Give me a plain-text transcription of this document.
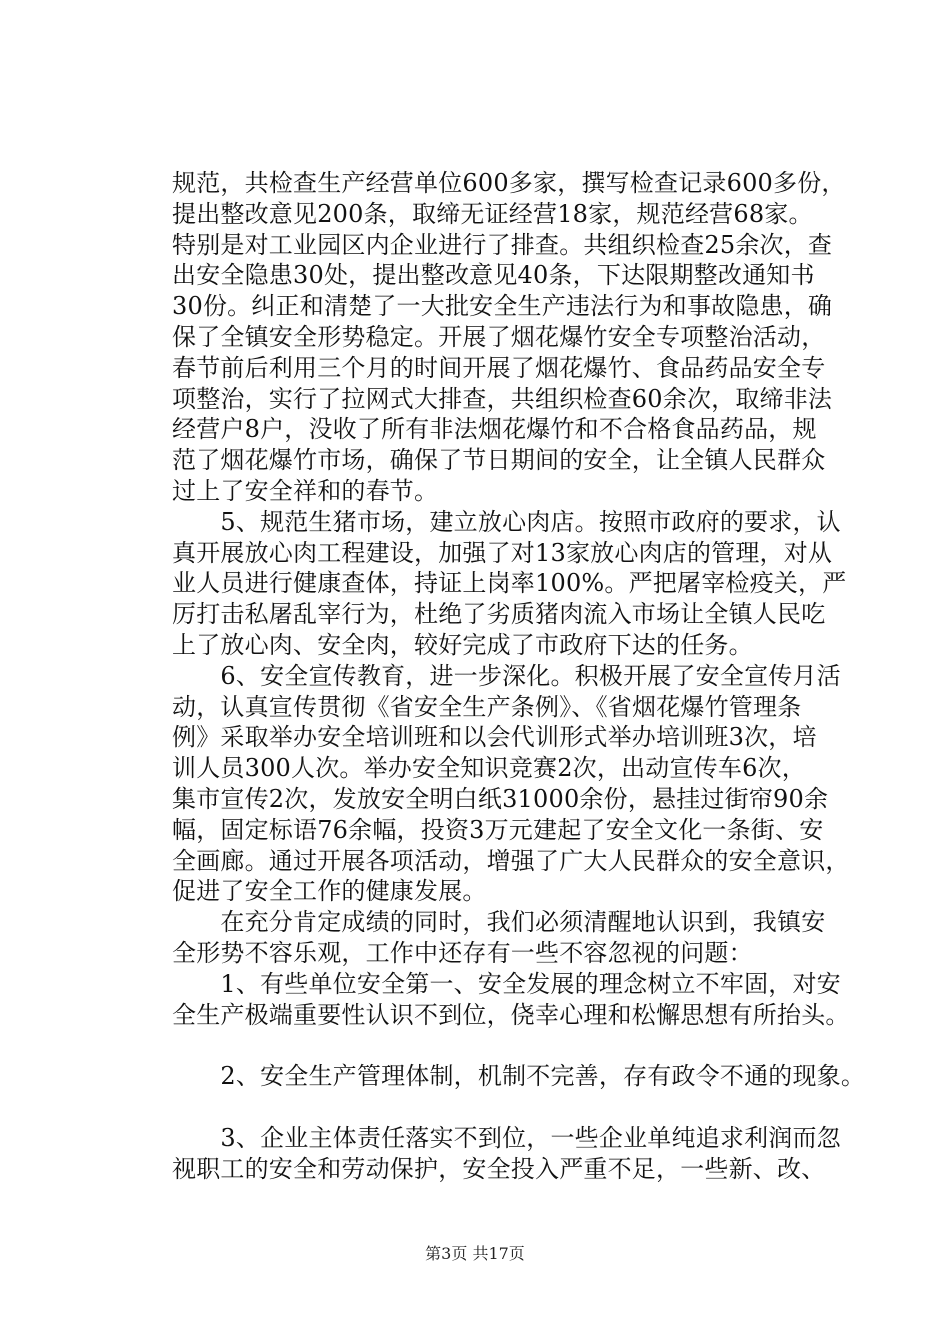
规范，共检查生产经营单位600多家，撰写检查记录600多份，
提出整改意见200条，取缔无证经营18家，规范经营68家。
特别是对工业园区内企业进行了排查。共组织检查25余次，查
出安全隐患30处，提出整改意见40条，下达限期整改通知书
30份。纠正和清楚了一大批安全生产违法行为和事故隐患，确
保了全镇安全形势稳定。开展了烟花爆竹安全专项整治活动，
春节前后利用三个月的时间开展了烟花爆竹、食品药品安全专
项整治，实行了拉网式大排查，共组织检查60余次，取缔非法
经营户8户，没收了所有非法烟花爆竹和不合格食品药品，规
范了烟花爆竹市场，确保了节日期间的安全，让全镇人民群众
过上了安全祥和的春节。
　　5、规范生猪市场，建立放心肉店。按照市政府的要求，认
真开展放心肉工程建设，加强了对13家放心肉店的管理，对从
业人员进行健康查体，持证上岗率100%。严把屠宰检疫关，严
厉打击私屠乱宰行为，杜绝了劣质猪肉流入市场让全镇人民吃
上了放心肉、安全肉，较好完成了市政府下达的任务。
　　6、安全宣传教育，进一步深化。积极开展了安全宣传月活
动，认真宣传贯彻《省安全生产条例》、《省烟花爆竹管理条
例》采取举办安全培训班和以会代训形式举办培训班3次，培
训人员300人次。举办安全知识竞赛2次，出动宣传车6次，
集市宣传2次，发放安全明白纸31000余份，悬挂过街帘90余
幅，固定标语76余幅，投资3万元建起了安全文化一条街、安
全画廊。通过开展各项活动，增强了广大人民群众的安全意识，
促进了安全工作的健康发展。
　　在充分肯定成绩的同时，我们必须清醒地认识到，我镇安
全形势不容乐观，工作中还存有一些不容忽视的问题：
　　1、有些单位安全第一、安全发展的理念树立不牢固，对安
全生产极端重要性认识不到位，侥幸心理和松懈思想有所抬头。
　　2、安全生产管理体制，机制不完善，存有政令不通的现象。
　　3、企业主体责任落实不到位，一些企业单纯追求利润而忽
视职工的安全和劳动保护，安全投入严重不足，一些新、改、
第3页 共17页
